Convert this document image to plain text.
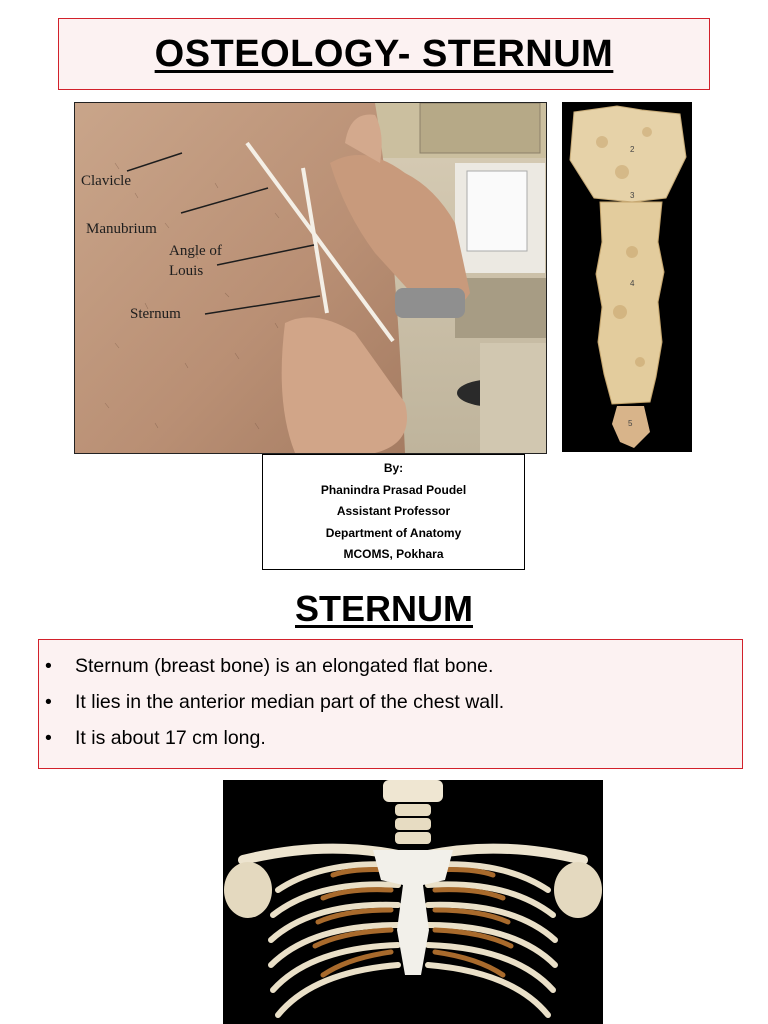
OSTEOLOGY- STERNUM
Clavicle
Manubrium
Angle of
Louis
Sternum
2
3
4
5
By:
Phanindra Prasad Poudel
Assistant Professor
Department of Anatomy
MCOMS, Pokhara
STERNUM
• Sternum (breast bone) is an elongated flat bone.
• It lies in the anterior median part of the chest wall.
• It is about 17 cm long.
